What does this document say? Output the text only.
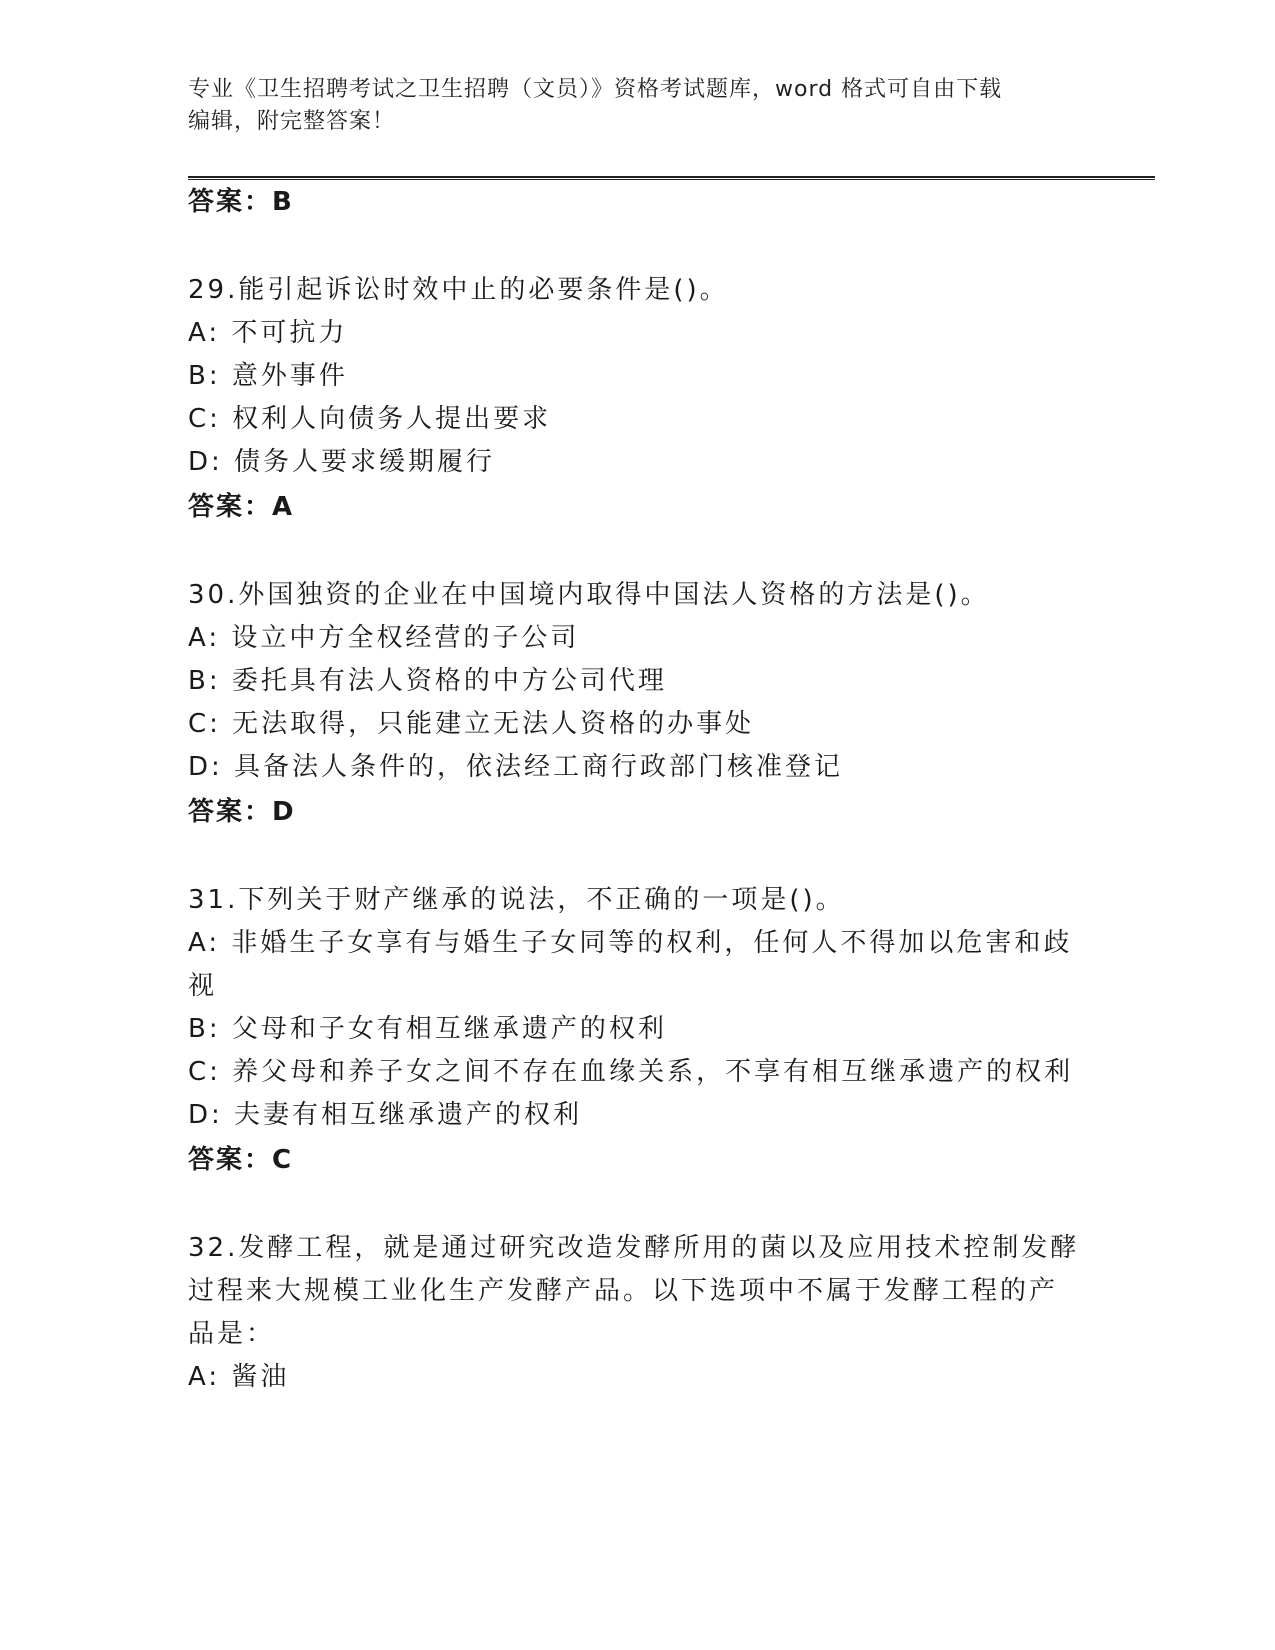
专业《卫生招聘考试之卫生招聘（文员）》资格考试题库，word 格式可自由下载
编辑，附完整答案！
答案：B
29.能引起诉讼时效中止的必要条件是()。
A: 不可抗力
B: 意外事件
C: 权利人向债务人提出要求
D: 债务人要求缓期履行
答案：A
30.外国独资的企业在中国境内取得中国法人资格的方法是()。
A: 设立中方全权经营的子公司
B: 委托具有法人资格的中方公司代理
C: 无法取得，只能建立无法人资格的办事处
D: 具备法人条件的，依法经工商行政部门核准登记
答案：D
31.下列关于财产继承的说法，不正确的一项是()。
A: 非婚生子女享有与婚生子女同等的权利，任何人不得加以危害和歧
视
B: 父母和子女有相互继承遗产的权利
C: 养父母和养子女之间不存在血缘关系，不享有相互继承遗产的权利
D: 夫妻有相互继承遗产的权利
答案：C
32.发酵工程，就是通过研究改造发酵所用的菌以及应用技术控制发酵
过程来大规模工业化生产发酵产品。以下选项中不属于发酵工程的产
品是：
A: 酱油
